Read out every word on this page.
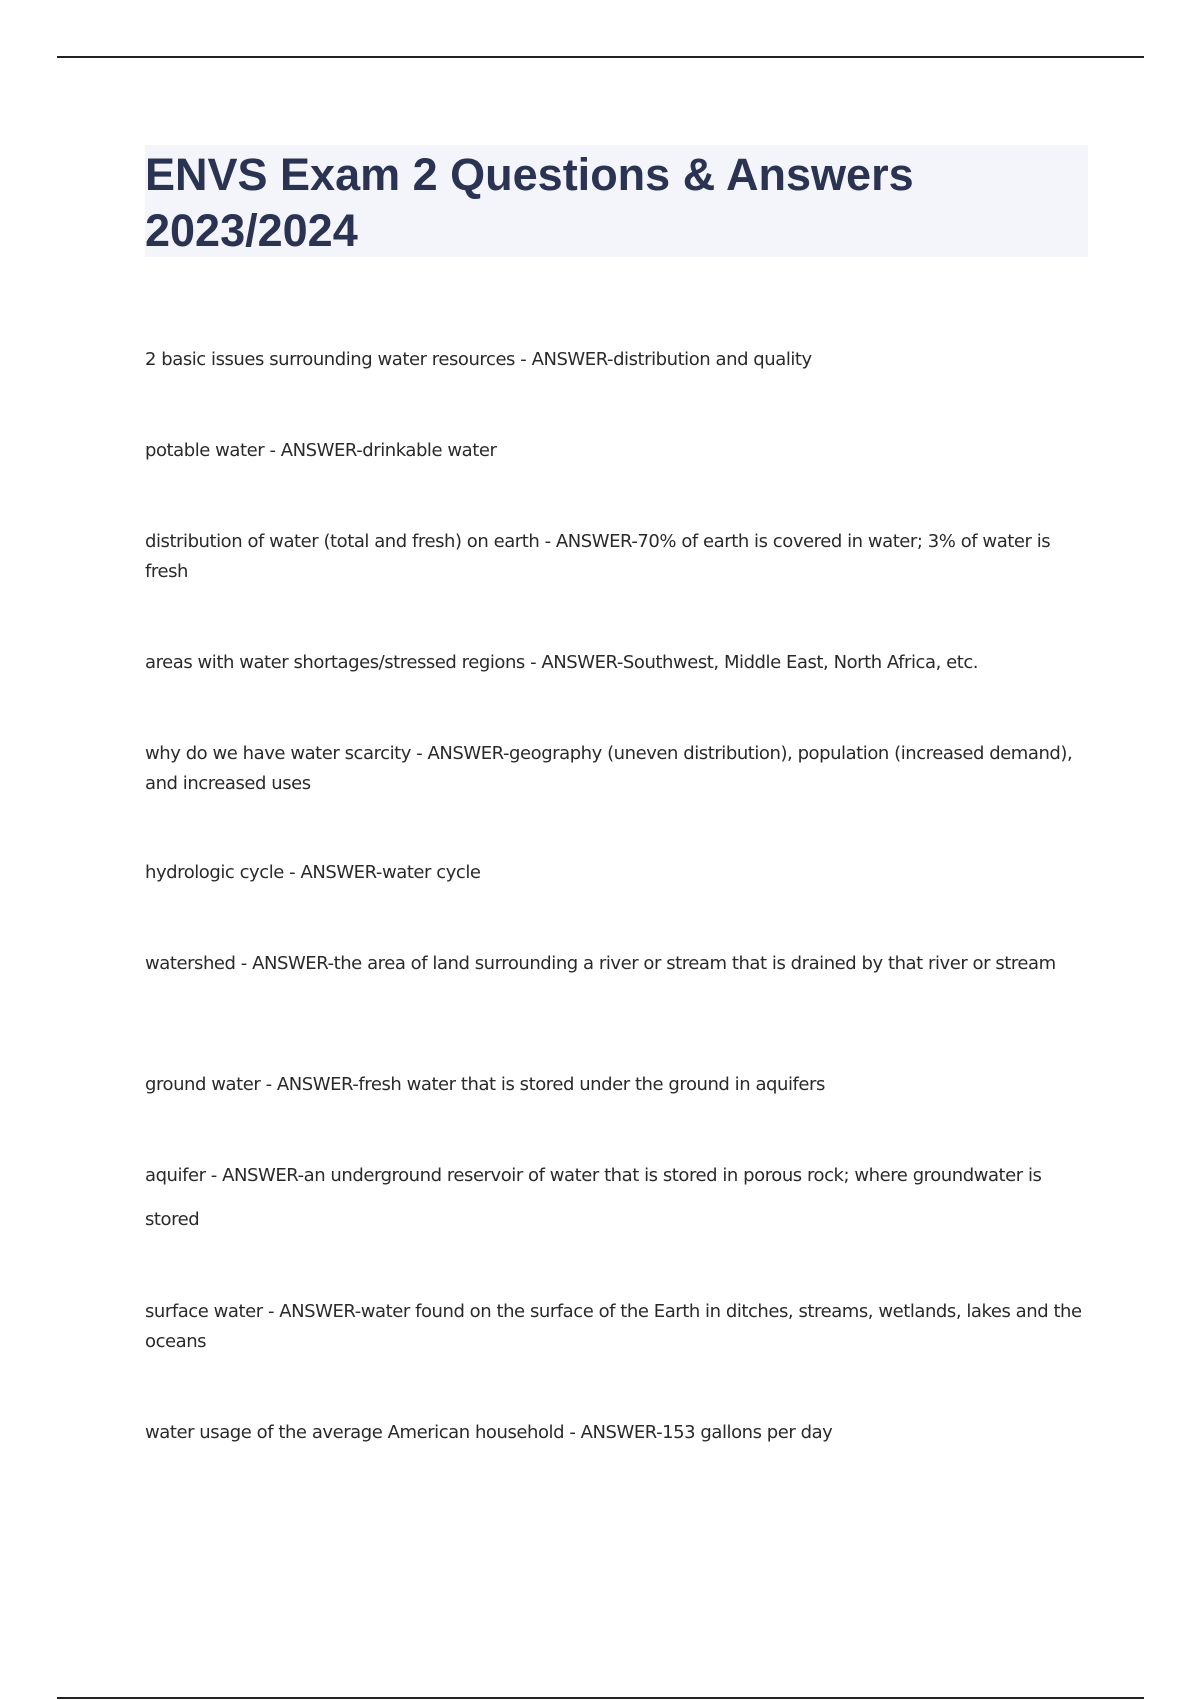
ENVS Exam 2 Questions & Answers 2023/2024
2 basic issues surrounding water resources - ANSWER-distribution and quality
potable water - ANSWER-drinkable water
distribution of water (total and fresh) on earth - ANSWER-70% of earth is covered in water; 3% of water is fresh
areas with water shortages/stressed regions - ANSWER-Southwest, Middle East, North Africa, etc.
why do we have water scarcity - ANSWER-geography (uneven distribution), population (increased demand), and increased uses
hydrologic cycle - ANSWER-water cycle
watershed - ANSWER-the area of land surrounding a river or stream that is drained by that river or stream
ground water - ANSWER-fresh water that is stored under the ground in aquifers
aquifer - ANSWER-an underground reservoir of water that is stored in porous rock; where groundwater is stored
surface water - ANSWER-water found on the surface of the Earth in ditches, streams, wetlands, lakes and the oceans
water usage of the average American household - ANSWER-153 gallons per day
